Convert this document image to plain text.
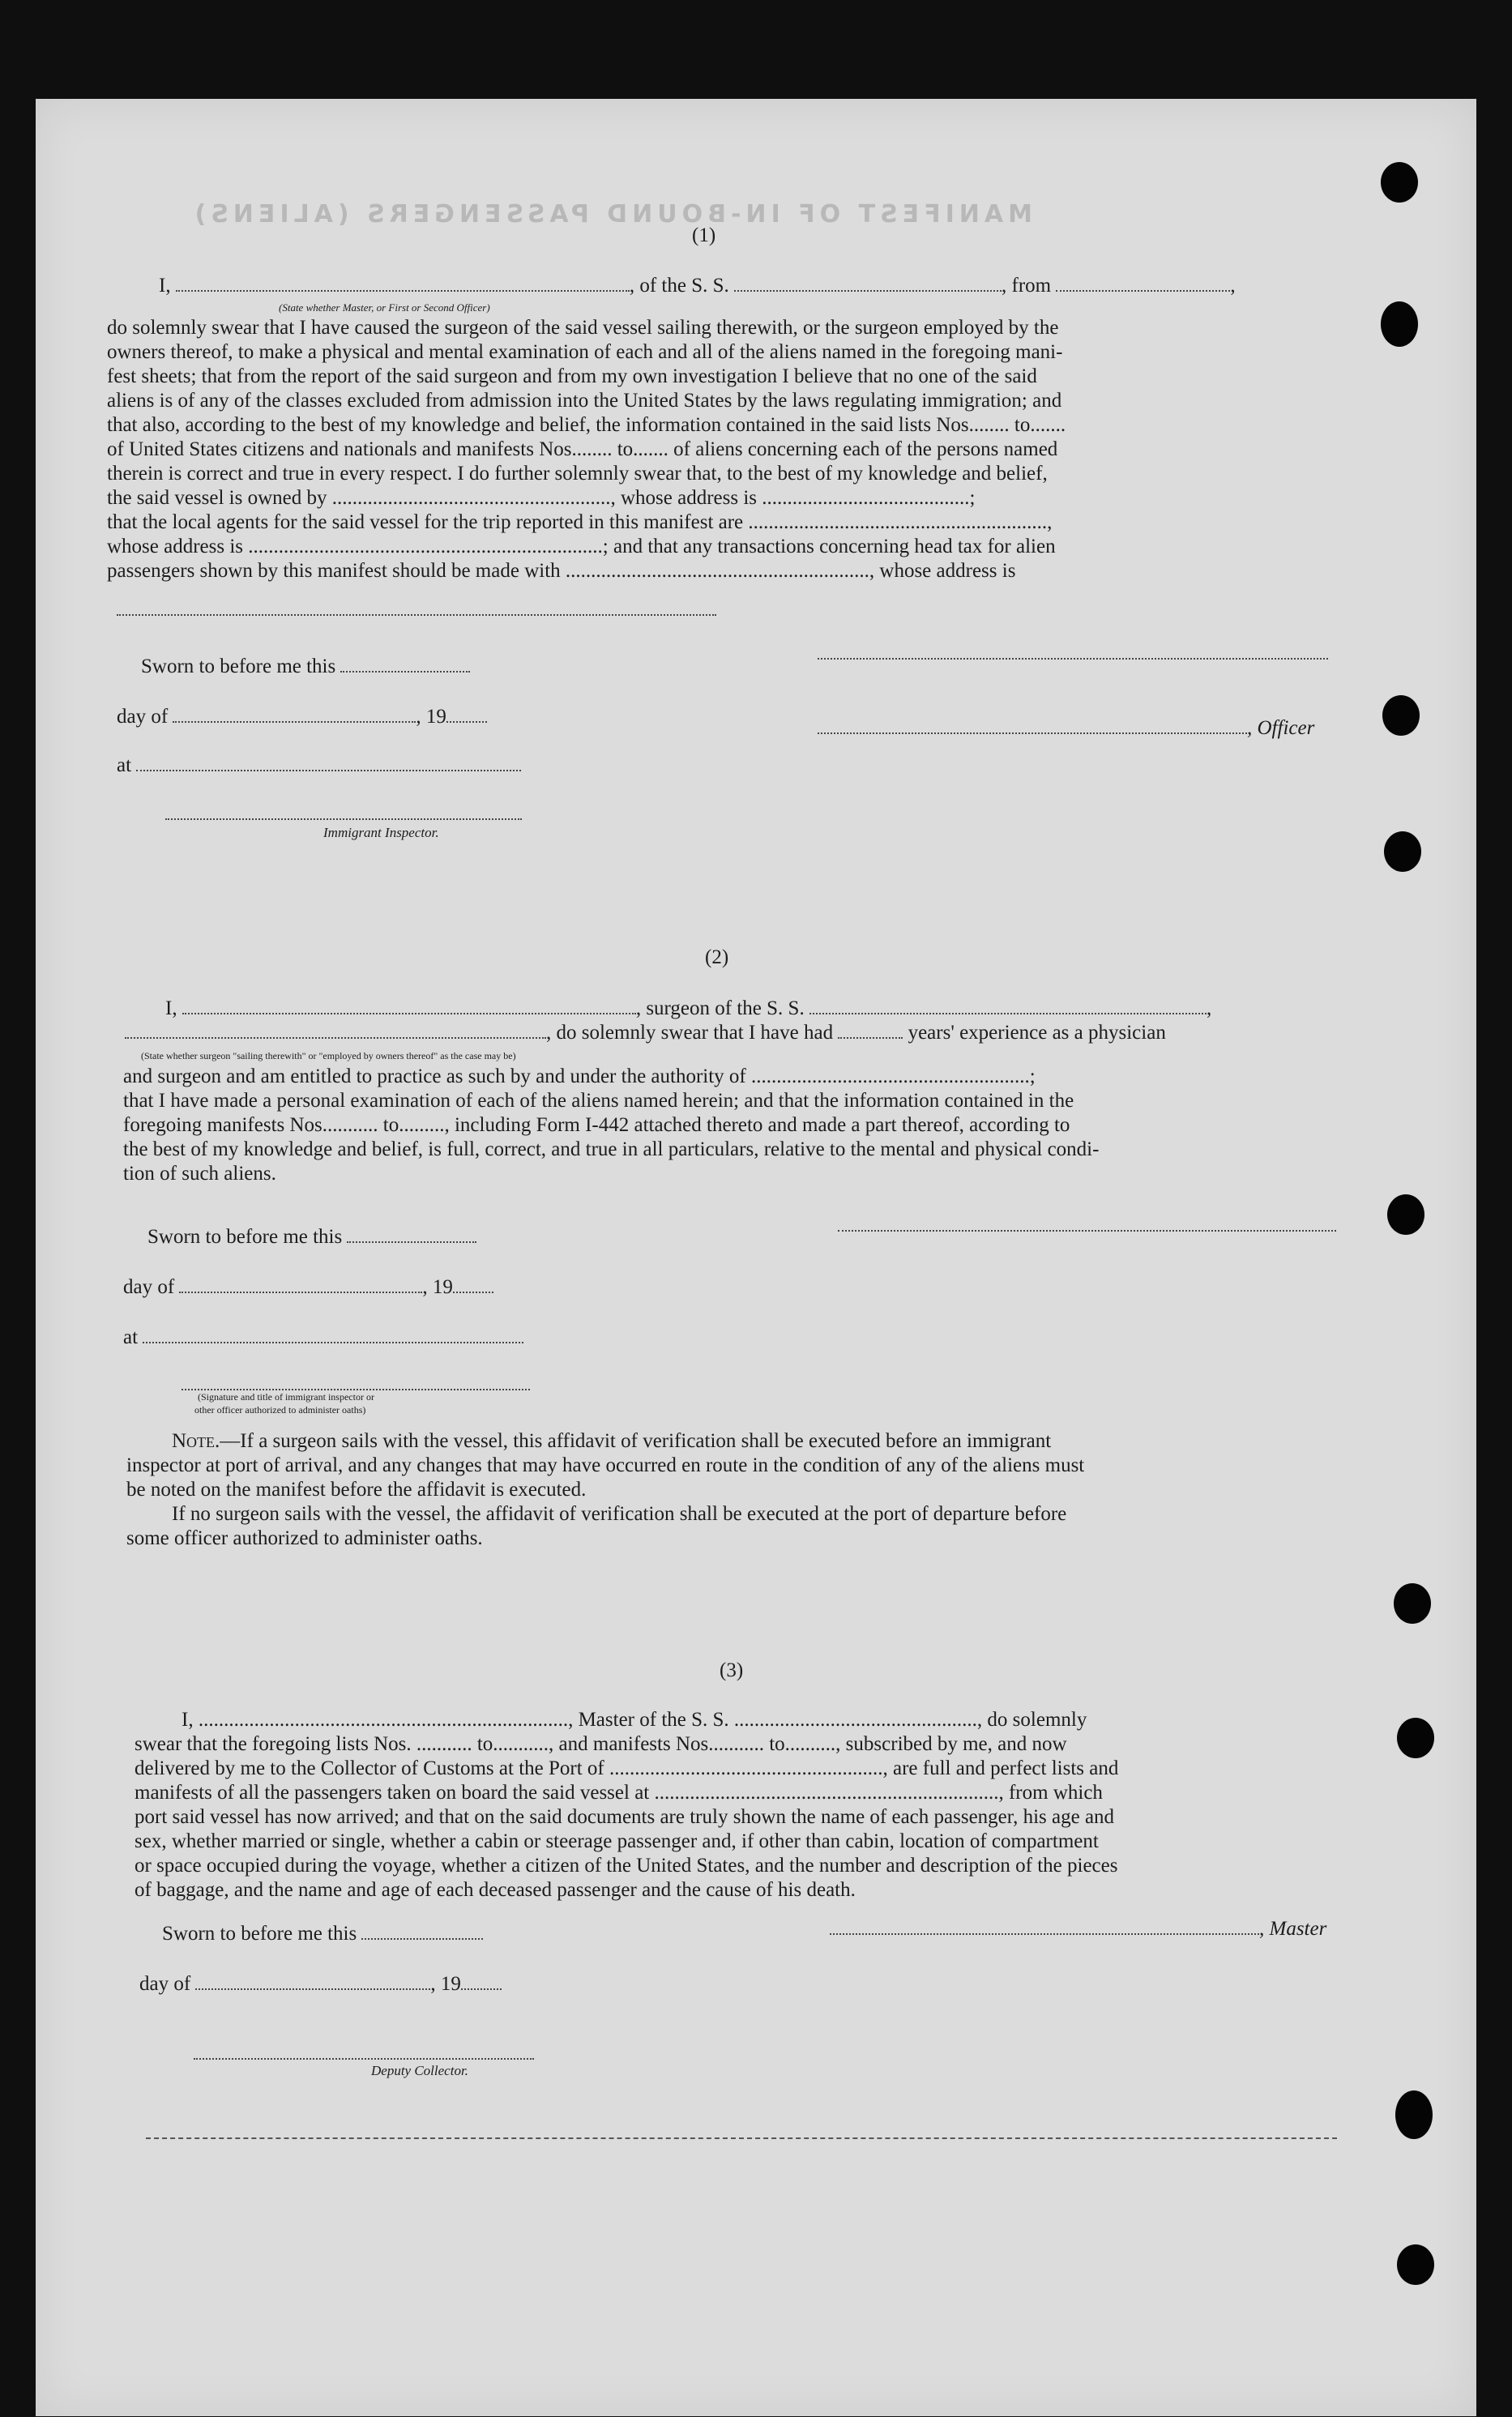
MANIFEST OF IN-BOUND PASSENGERS (ALIENS)
(1)
I,	, of the S. S.	, from	,
(State whether Master, or First or Second Officer)
do solemnly swear that I have caused the surgeon of the said vessel sailing therewith, or the surgeon employed by the
owners thereof, to make a physical and mental examination of each and all of the aliens named in the foregoing mani-
fest sheets; that from the report of the said surgeon and from my own investigation I believe that no one of the said
aliens is of any of the classes excluded from admission into the United States by the laws regulating immigration; and
that also, according to the best of my knowledge and belief, the information contained in the said lists Nos........ to.......
of United States citizens and nationals and manifests Nos........ to....... of aliens concerning each of the persons named
therein is correct and true in every respect. I do further solemnly swear that, to the best of my knowledge and belief,
the said vessel is owned by ......................................................., whose address is .........................................;
that the local agents for the said vessel for the trip reported in this manifest are ...........................................................,
whose address is ......................................................................; and that any transactions concerning head tax for alien
passengers shown by this manifest should be made with ............................................................, whose address is
Sworn to before me this
day of	, 19
, Officer
at
Immigrant Inspector.
(2)
I,	, surgeon of the S. S.	,
, do solemnly swear that I have had	years' experience as a physician
(State whether surgeon "sailing therewith" or "employed by owners thereof" as the case may be)
and surgeon and am entitled to practice as such by and under the authority of .......................................................;
that I have made a personal examination of each of the aliens named herein; and that the information contained in the
foregoing manifests Nos........... to........., including Form I-442 attached thereto and made a part thereof, according to
the best of my knowledge and belief, is full, correct, and true in all particulars, relative to the mental and physical condi-
tion of such aliens.
Sworn to before me this
day of	, 19
at
(Signature and title of immigrant inspector or
other officer authorized to administer oaths)
Note.—If a surgeon sails with the vessel, this affidavit of verification shall be executed before an immigrant
inspector at port of arrival, and any changes that may have occurred en route in the condition of any of the aliens must
be noted on the manifest before the affidavit is executed.
If no surgeon sails with the vessel, the affidavit of verification shall be executed at the port of departure before
some officer authorized to administer oaths.
(3)
I, ........................................................................., Master of the S. S. ................................................, do solemnly
swear that the foregoing lists Nos. ........... to..........., and manifests Nos........... to.........., subscribed by me, and now
delivered by me to the Collector of Customs at the Port of ......................................................, are full and perfect lists and
manifests of all the passengers taken on board the said vessel at ...................................................................., from which
port said vessel has now arrived; and that on the said documents are truly shown the name of each passenger, his age and
sex, whether married or single, whether a cabin or steerage passenger and, if other than cabin, location of compartment
or space occupied during the voyage, whether a citizen of the United States, and the number and description of the pieces
of baggage, and the name and age of each deceased passenger and the cause of his death.
Sworn to before me this	, Master
day of	, 19
Deputy Collector.
